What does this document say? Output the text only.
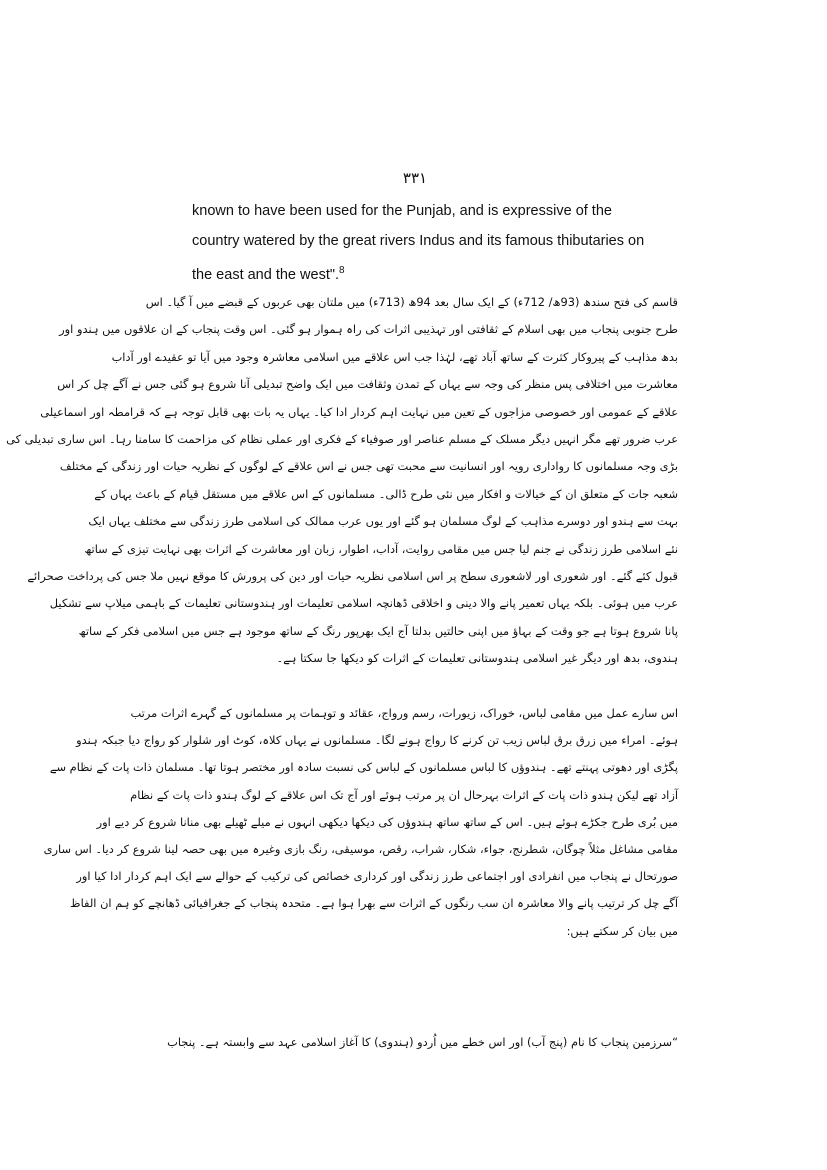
۳۳۱

known to have been used for the Punjab, and is expressive of the

country watered by the great rivers Indus and its famous thibutaries on

the east and the west".$^8$

قاسم کی فتح سندھ (93ھ/ 712ء) کے ایک سال بعد 94ھ (713ء) میں ملتان بھی عربوں کے قبضے میں آ گیا۔ اس

طرح جنوبی پنجاب میں بھی اسلام کے ثقافتی اور تہذیبی اثرات کی راہ ہموار ہو گئی۔ اس وقت پنجاب کے ان علاقوں میں ہندو اور

بدھ مذاہب کے پیروکار کثرت کے ساتھ آباد تھے، لہٰذا جب اس علاقے میں اسلامی معاشرہ وجود میں آیا تو عقیدے اور آداب

معاشرت میں اختلافی پس منظر کی وجہ سے یہاں کے تمدن وثقافت میں ایک واضح تبدیلی آنا شروع ہو گئی جس نے آگے چل کر اس

علاقے کے عمومی اور خصوصی مزاجوں کے تعین میں نہایت اہم کردار ادا کیا۔ یہاں یہ بات بھی قابل توجہ ہے کہ قرامطہ اور اسماعیلی

عرب ضرور تھے مگر انہیں دیگر مسلک کے مسلم عناصر اور صوفیاء کے فکری اور عملی نظام کی مزاحمت کا سامنا رہا۔ اس ساری تبدیلی کی

بڑی وجہ مسلمانوں کا رواداری رویہ اور انسانیت سے محبت تھی جس نے اس علاقے کے لوگوں کے نظریہ حیات اور زندگی کے مختلف

شعبہ جات کے متعلق ان کے خیالات و افکار میں نئی طرح ڈالی۔ مسلمانوں کے اس علاقے میں مستقل قیام کے باعث یہاں کے

بہت سے ہندو اور دوسرے مذاہب کے لوگ مسلمان ہو گئے اور یوں عرب ممالک کی اسلامی طرز زندگی سے مختلف یہاں ایک

نئے اسلامی طرز زندگی نے جنم لیا جس میں مقامی روایت، آداب، اطوار، زبان اور معاشرت کے اثرات بھی نہایت تیزی کے ساتھ

قبول کئے گئے۔ اور شعوری اور لاشعوری سطح پر اس اسلامی نظریہ حیات اور دین کی پرورش کا موقع نہیں ملا جس کی پرداخت صحرائے

عرب میں ہوئی۔ بلکہ یہاں تعمیر پانے والا دینی و اخلاقی ڈھانچہ اسلامی تعلیمات اور ہندوستانی تعلیمات کے باہمی میلاپ سے تشکیل

پانا شروع ہوتا ہے جو وقت کے بہاؤ میں اپنی حالتیں بدلتا آج ایک بھرپور رنگ کے ساتھ موجود ہے جس میں اسلامی فکر کے ساتھ

ہندوی، بدھ اور دیگر غیر اسلامی ہندوستانی تعلیمات کے اثرات کو دیکھا جا سکتا ہے۔

اس سارے عمل میں مقامی لباس، خوراک، زیورات، رسم ورواج، عقائد و توہمات پر مسلمانوں کے گہرے اثرات مرتب

ہوئے۔ امراء میں زرق برق لباس زیب تن کرنے کا رواج ہونے لگا۔ مسلمانوں نے یہاں کلاہ، کوٹ اور شلوار کو رواج دیا جبکہ ہندو

پگڑی اور دھوتی پہنتے تھے۔ ہندوؤں کا لباس مسلمانوں کے لباس کی نسبت سادہ اور مختصر ہوتا تھا۔ مسلمان ذات پات کے نظام سے

آزاد تھے لیکن ہندو ذات پات کے اثرات بہرحال ان پر مرتب ہوئے اور آج تک اس علاقے کے لوگ ہندو ذات پات کے نظام

میں بُری طرح جکڑے ہوئے ہیں۔ اس کے ساتھ ساتھ ہندوؤں کی دیکھا دیکھی انہوں نے میلے ٹھیلے بھی منانا شروع کر دیے اور

مقامی مشاغل مثلاً چوگان، شطرنج، جواء، شکار، شراب، رقص، موسیقی، رنگ بازی وغیرہ میں بھی حصہ لینا شروع کر دیا۔ اس ساری

صورتحال نے پنجاب میں انفرادی اور اجتماعی طرز زندگی اور کرداری خصائص کی ترکیب کے حوالے سے ایک اہم کردار ادا کیا اور

آگے چل کر ترتیب پانے والا معاشرہ ان سب رنگوں کے اثرات سے بھرا ہوا ہے۔ متحدہ پنجاب کے جغرافیائی ڈھانچے کو ہم ان الفاظ

میں بیان کر سکتے ہیں:

“سرزمین پنجاب کا نام (پنج آب) اور اس خطے میں اُردو (ہندوی) کا آغاز اسلامی عہد سے وابستہ ہے۔ پنجاب
